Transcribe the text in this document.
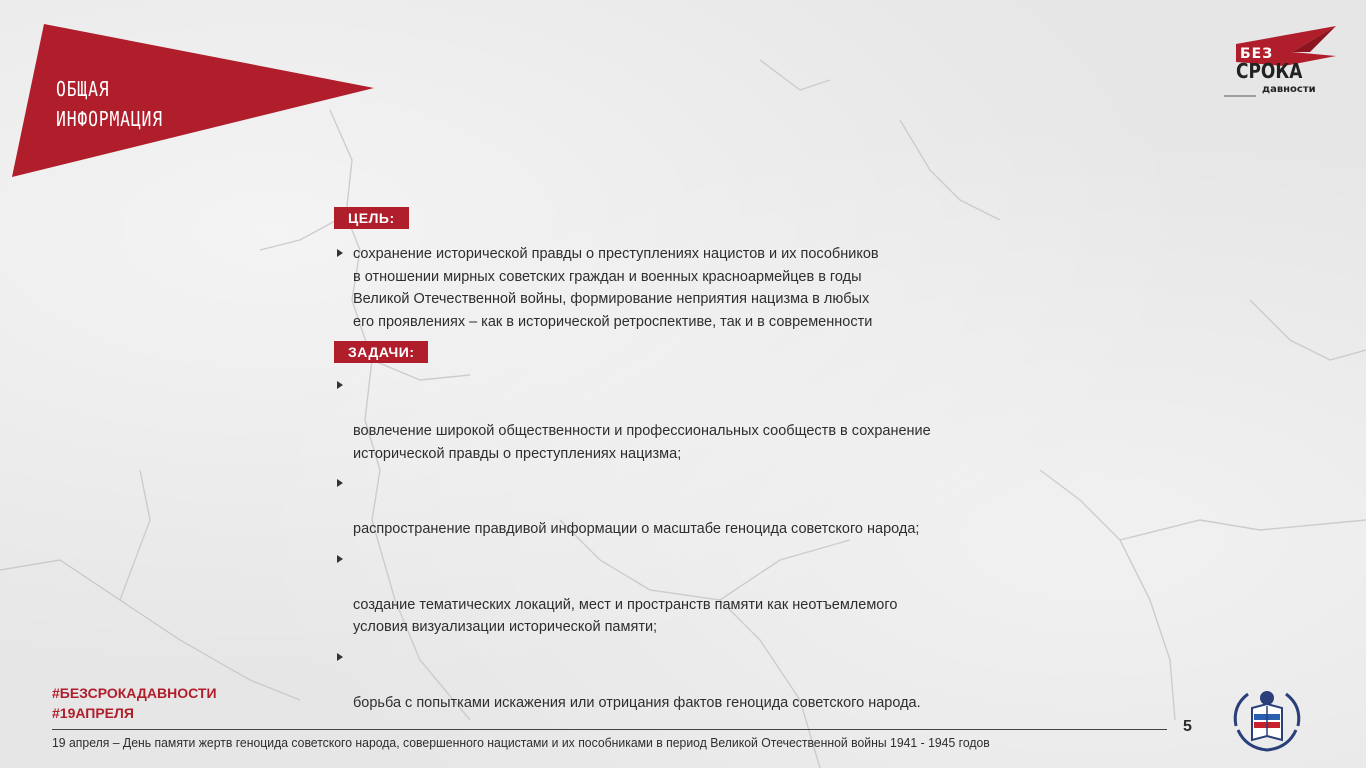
ОБЩАЯ
ИНФОРМАЦИЯ
БЕЗ
СРОКА
давности
ЦЕЛЬ:
сохранение исторической правды о преступлениях нацистов и их пособников
в отношении мирных советских граждан и военных красноармейцев в годы
Великой Отечественной войны, формирование неприятия нацизма в любых
его проявлениях – как в исторической ретроспективе, так и в современности
ЗАДАЧИ:

вовлечение широкой общественности и профессиональных сообществ в сохранение
исторической правды о преступлениях нацизма;

распространение правдивой информации о масштабе геноцида советского народа;

создание тематических локаций, мест и пространств памяти как неотъемлемого
условия визуализации исторической памяти;

борьба с попытками искажения или отрицания фактов геноцида советского народа.

#БЕЗСРОКАДАВНОСТИ
#19АПРЕЛЯ
19 апреля – День памяти жертв геноцида советского народа, совершенного нацистами и их пособниками в период Великой Отечественной войны 1941 - 1945 годов
5
